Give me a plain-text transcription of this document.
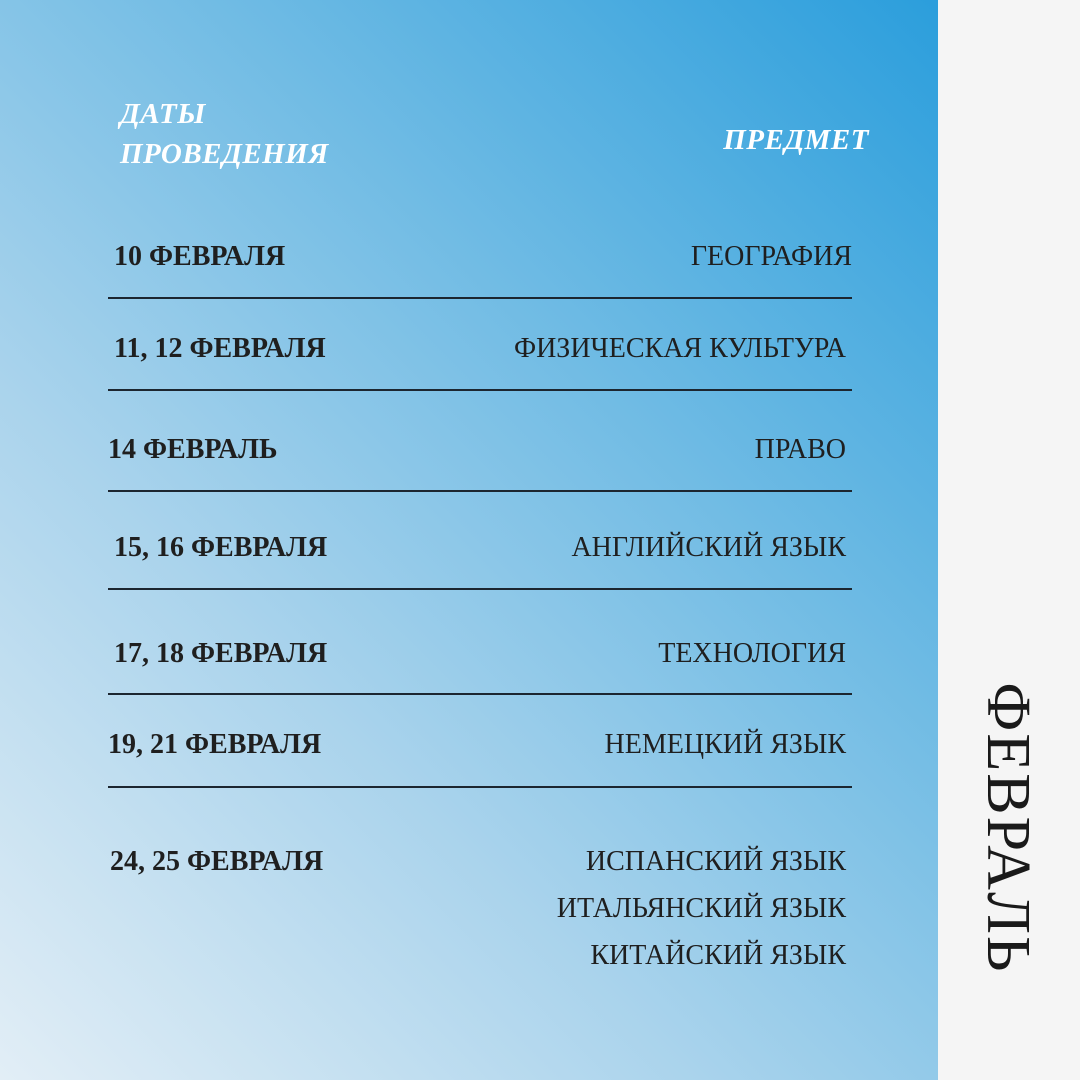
ДАТЫ ПРОВЕДЕНИЯ	ПРЕДМЕТ
10 ФЕВРАЛЯ	ГЕОГРАФИЯ
11, 12 ФЕВРАЛЯ	ФИЗИЧЕСКАЯ КУЛЬТУРА
14 ФЕВРАЛЬ	ПРАВО
15, 16 ФЕВРАЛЯ	АНГЛИЙСКИЙ ЯЗЫК
17, 18 ФЕВРАЛЯ	ТЕХНОЛОГИЯ
19, 21 ФЕВРАЛЯ	НЕМЕЦКИЙ ЯЗЫК
24, 25 ФЕВРАЛЯ	ИСПАНСКИЙ ЯЗЫК
ИТАЛЬЯНСКИЙ ЯЗЫК
КИТАЙСКИЙ ЯЗЫК ФЕВРАЛЬ
